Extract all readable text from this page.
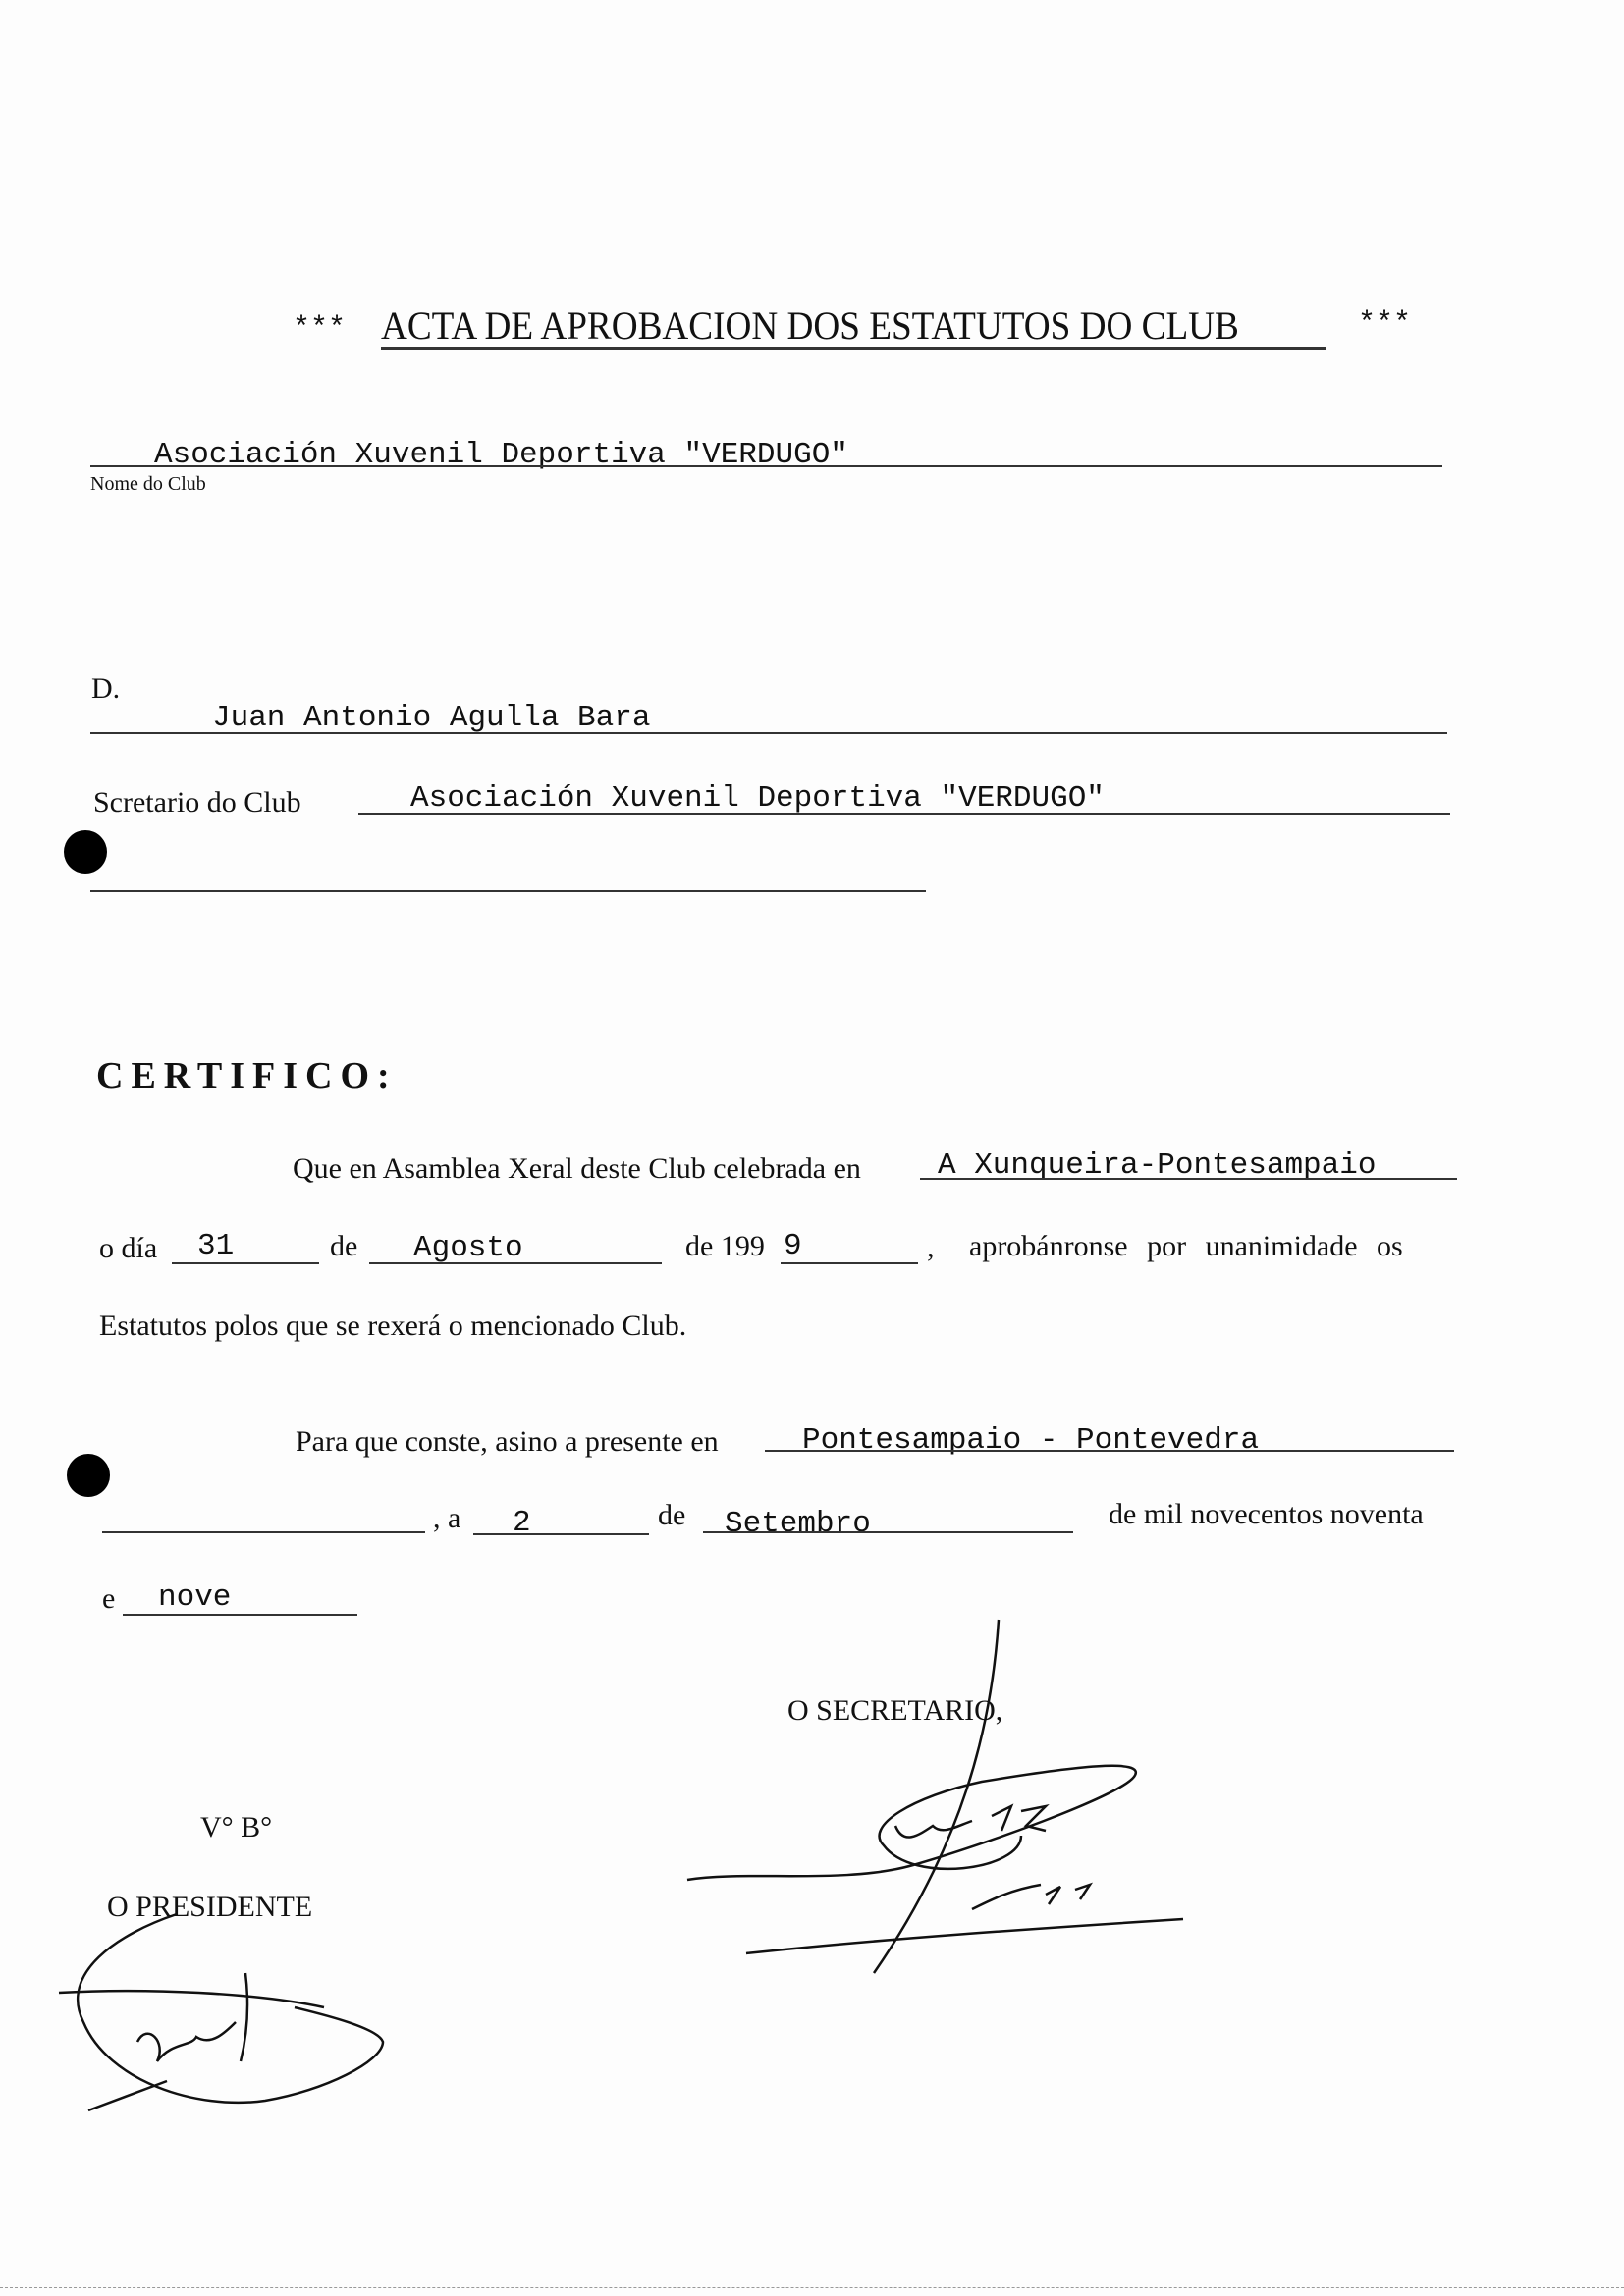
*** ACTA DE APROBACION DOS ESTATUTOS DO CLUB	***
Asociación Xuvenil Deportiva "VERDUGO"
Nome do Club
D.
Juan Antonio Agulla Bara
Scretario do Club	Asociación Xuvenil Deportiva "VERDUGO"
CERTIFICO:
Que en Asamblea Xeral deste Club celebrada en	A Xunqueira-Pontesampaio
o día 31	de Agosto	de 199 9	, aprobánronse por unanimidade os
Estatutos polos que se rexerá o mencionado Club.
Para que conste, asino a presente en	Pontesampaio - Pontevedra
, a 2	de Setembro	de mil novecentos noventa
e nove
O SECRETARIO,
V° B°
O PRESIDENTE
